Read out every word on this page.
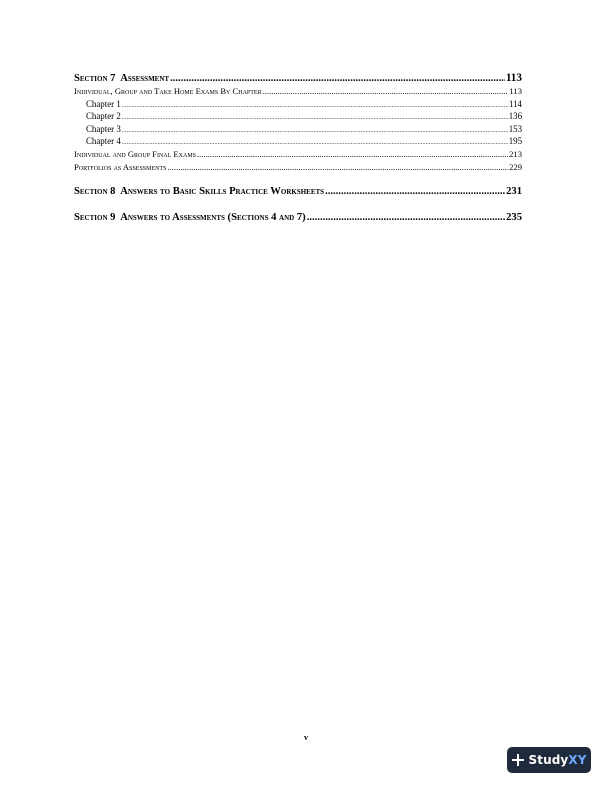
Section 7 Assessment .....	113
Individual, Group and Take Home Exams By Chapter .....	113
Chapter 1 .....	114
Chapter 2 .....	136
Chapter 3 .....	153
Chapter 4 .....	195
Individual and Group Final Exams .....	213
Portfolios as Assessments .....	229
Section 8 Answers to Basic Skills Practice Worksheets .....	231
Section 9 Answers to Assessments (Sections 4 and 7) .....	235
v
StudyXY
